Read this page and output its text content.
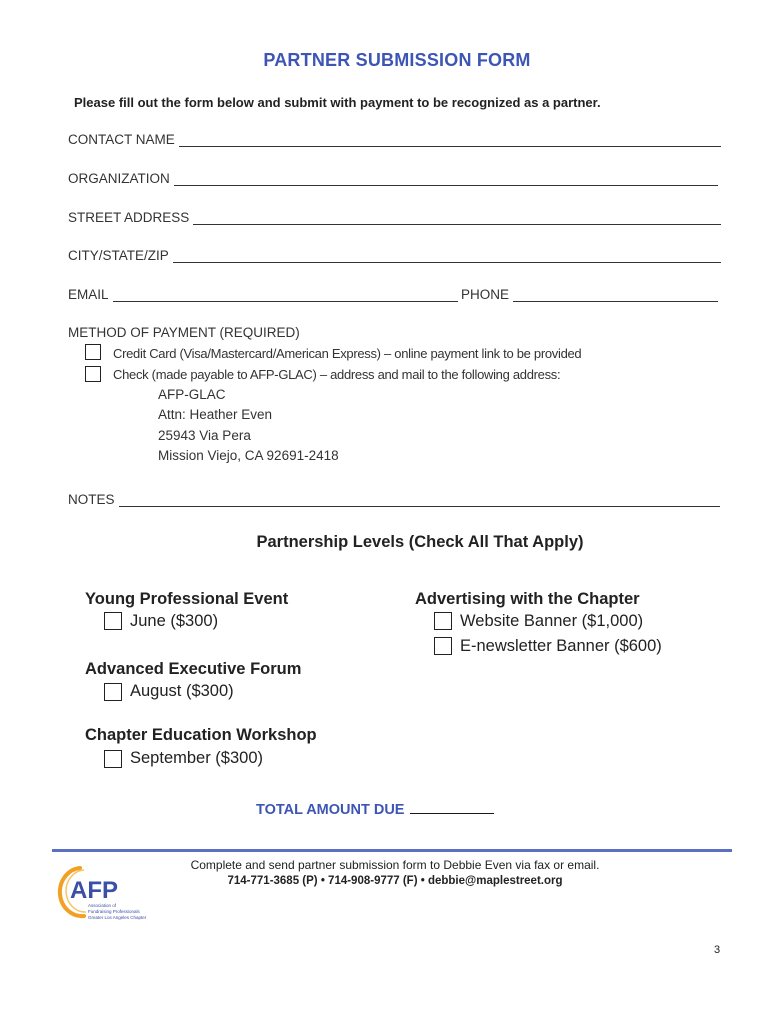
PARTNER SUBMISSION FORM
Please fill out the form below and submit with payment to be recognized as a partner.
CONTACT NAME
ORGANIZATION
STREET ADDRESS
CITY/STATE/ZIP
EMAIL	PHONE
METHOD OF PAYMENT (REQUIRED)
Credit Card (Visa/Mastercard/American Express) – online payment link to be provided
Check (made payable to AFP-GLAC) – address and mail to the following address:
AFP-GLAC
Attn: Heather Even
25943 Via Pera
Mission Viejo, CA 92691-2418
NOTES
Partnership Levels (Check All That Apply)
Young Professional Event
June ($300)
Advanced Executive Forum
August ($300)
Chapter Education Workshop
September ($300)
Advertising with the Chapter
Website Banner ($1,000)
E-newsletter Banner ($600)
TOTAL AMOUNT DUE
AFP
Association of
Fundraising Professionals
Greater Los Angeles Chapter
Complete and send partner submission form to Debbie Even via fax or email.
714-771-3685 (P) • 714-908-9777 (F) • debbie@maplestreet.org
3
